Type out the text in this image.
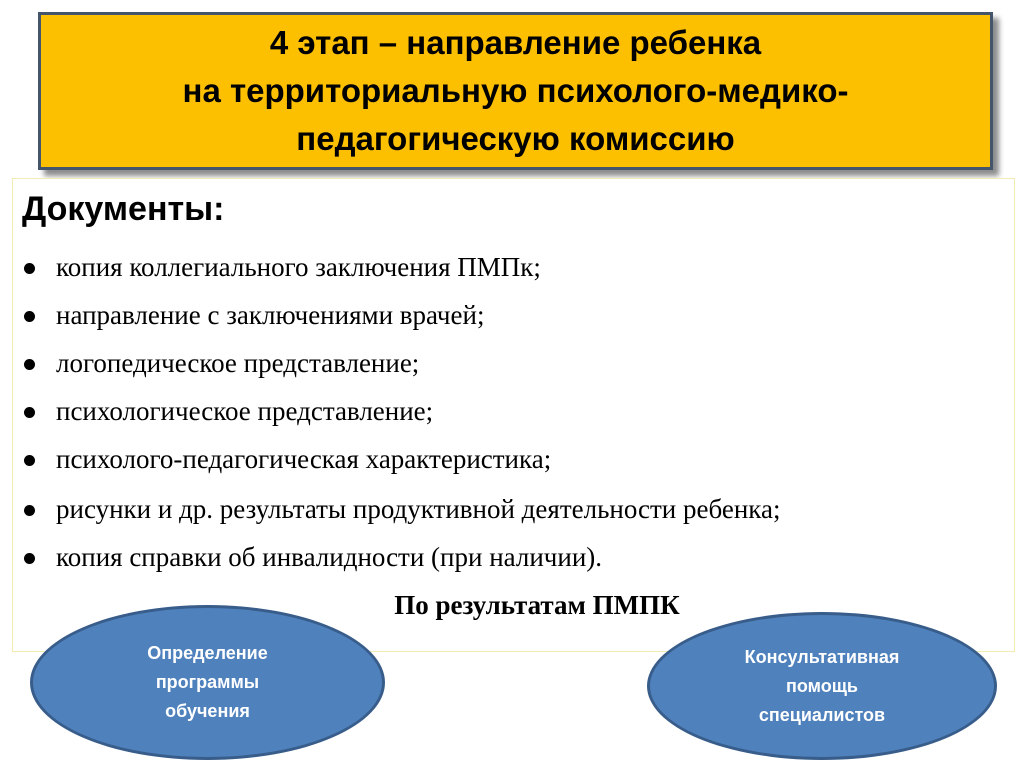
4 этап – направление ребенка
на территориальную психолого-медико-
педагогическую комиссию
Документы:
копия коллегиального заключения ПМПк;
направление с заключениями врачей;
логопедическое представление;
психологическое представление;
психолого-педагогическая характеристика;
рисунки и др. результаты продуктивной деятельности ребенка;
копия справки об инвалидности (при наличии).
По результатам ПМПК
Определение
программы
обучения
Консультативная
помощь
специалистов
